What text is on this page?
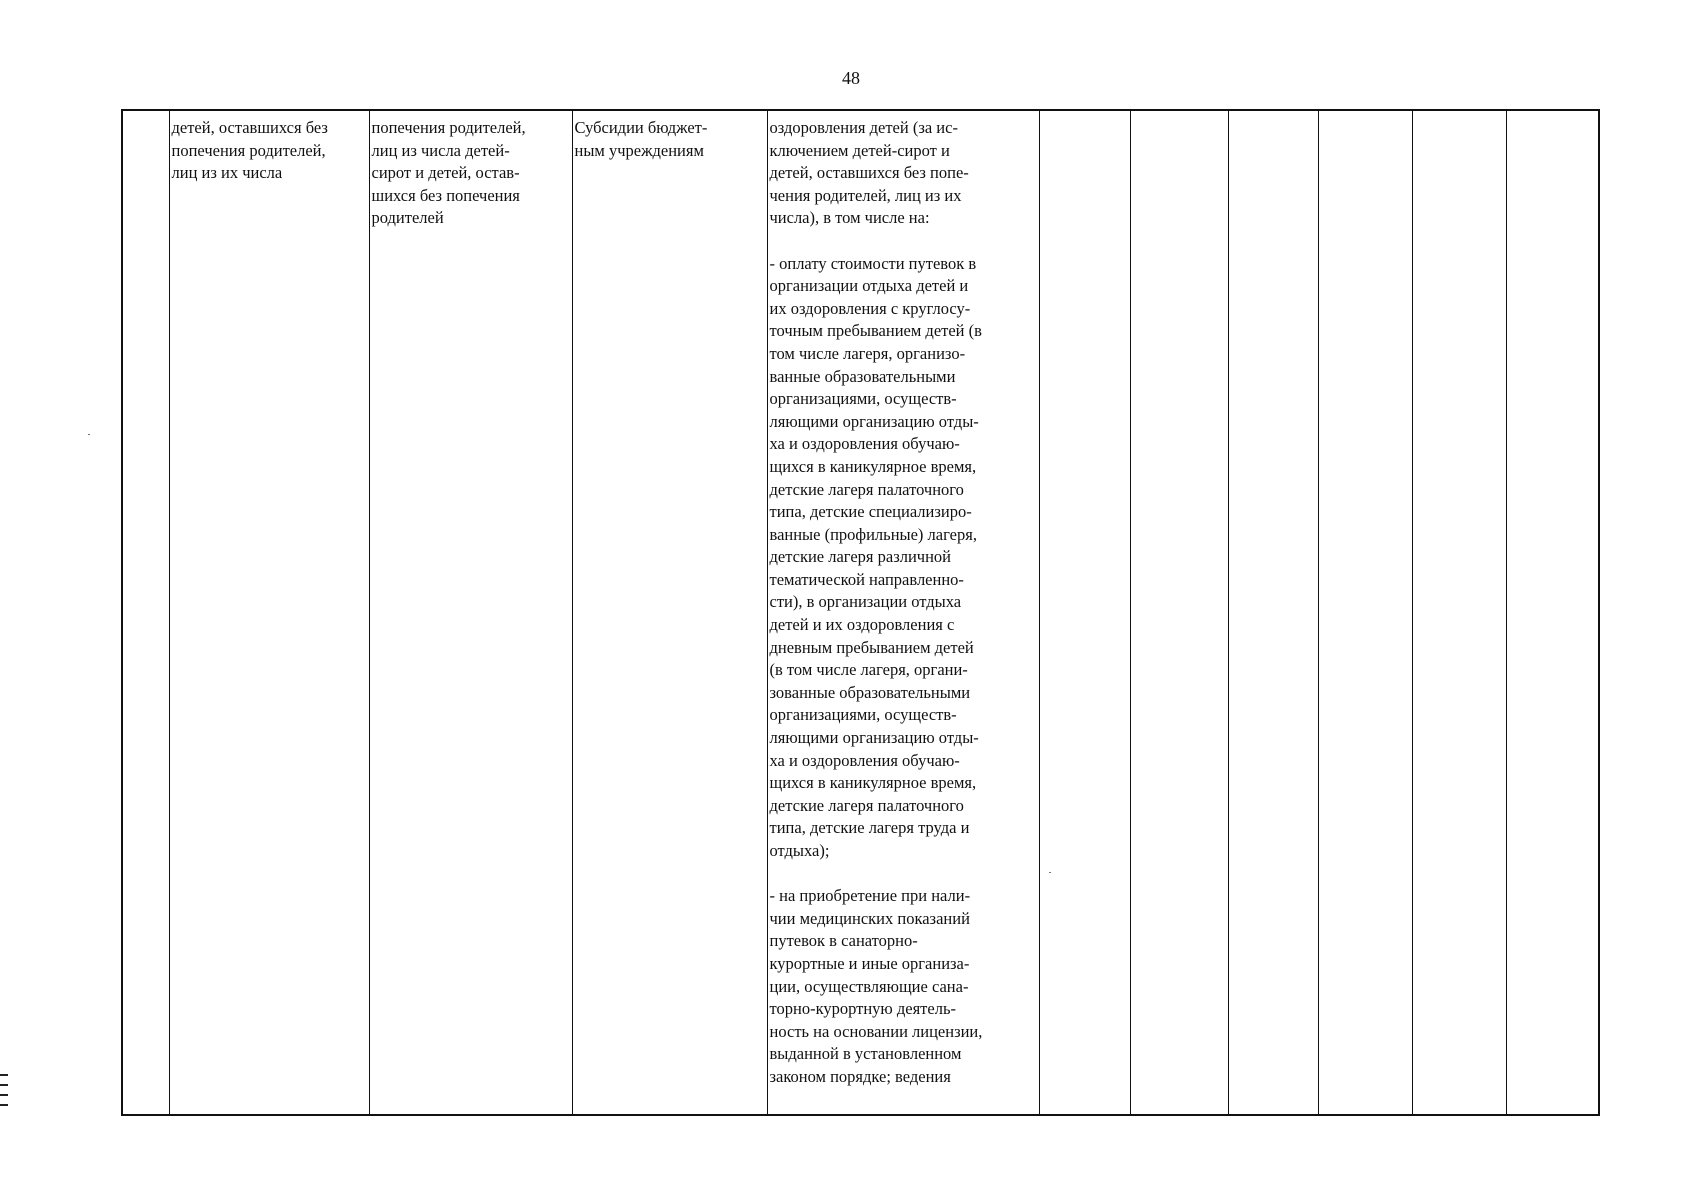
48

детей, оставшихся без
попечения родителей,
лиц из их числа

попечения родителей,
лиц из числа детей-
сирот и детей, остав-
шихся без попечения
родителей

Субсидии бюджет-
ным учреждениям

оздоровления детей (за ис-
ключением детей-сирот и
детей, оставшихся без попе-
чения родителей, лиц из их
числа), в том числе на:

- оплату стоимости путевок в
организации отдыха детей и
их оздоровления с круглосу-
точным пребыванием детей (в
том числе лагеря, организо-
ванные образовательными
организациями, осуществ-
ляющими организацию отды-
ха и оздоровления обучаю-
щихся в каникулярное время,
детские лагеря палаточного
типа, детские специализиро-
ванные (профильные) лагеря,
детские лагеря различной
тематической направленно-
сти), в организации отдыха
детей и их оздоровления с
дневным пребыванием детей
(в том числе лагеря, органи-
зованные образовательными
организациями, осуществ-
ляющими организацию отды-
ха и оздоровления обучаю-
щихся в каникулярное время,
детские лагеря палаточного
типа, детские лагеря труда и
отдыха);

- на приобретение при нали-
чии медицинских показаний
путевок в санаторно-
курортные и иные организа-
ции, осуществляющие сана-
торно-курортную деятель-
ность на основании лицензии,
выданной в установленном
законом порядке; ведения
